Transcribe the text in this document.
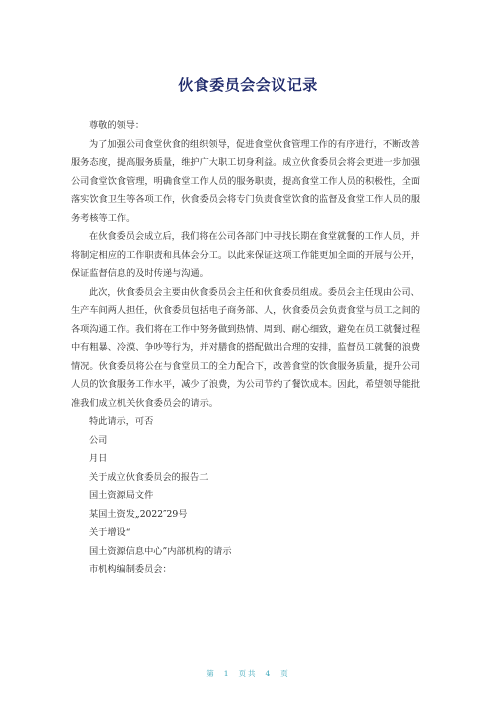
伙食委员会会议记录

尊敬的领导：

为了加强公司食堂伙食的组织领导，促进食堂伙食管理工作的有序进行，不断改善服务态度，提高服务质量，维护广大职工切身利益。成立伙食委员会将会更进一步加强公司食堂饮食管理，明确食堂工作人员的服务职责，提高食堂工作人员的积极性，全面落实饮食卫生等各项工作，伙食委员会将专门负责食堂饮食的监督及食堂工作人员的服务考核等工作。

在伙食委员会成立后，我们将在公司各部门中寻找长期在食堂就餐的工作人员，并将制定相应的工作职责和具体会分工。以此来保证这项工作能更加全面的开展与公开，保证监督信息的及时传递与沟通。

此次，伙食委员会主要由伙食委员会主任和伙食委员组成。委员会主任现由公司、生产车间两人担任，伙食委员包括电子商务部、人，伙食委员会负责食堂与员工之间的各项沟通工作。我们将在工作中努务做到热情、周到、耐心细致，避免在员工就餐过程中有粗暴、冷漠、争吵等行为，并对膳食的搭配做出合理的安排，监督员工就餐的浪费情况。伙食委员将公在与食堂员工的全力配合下，改善食堂的饮食服务质量，提升公司人员的饮食服务工作水平，减少了浪费，为公司节约了餐饮成本。因此，希望领导能批准我们成立机关伙食委员会的请示。

特此请示，可否

公司

月日

关于成立伙食委员会的报告二

国土资源局文件

某国土资发„2022″29号

关于增设“

国土资源信息中心”内部机构的请示

市机构编制委员会：

第 1 页共 4 页
